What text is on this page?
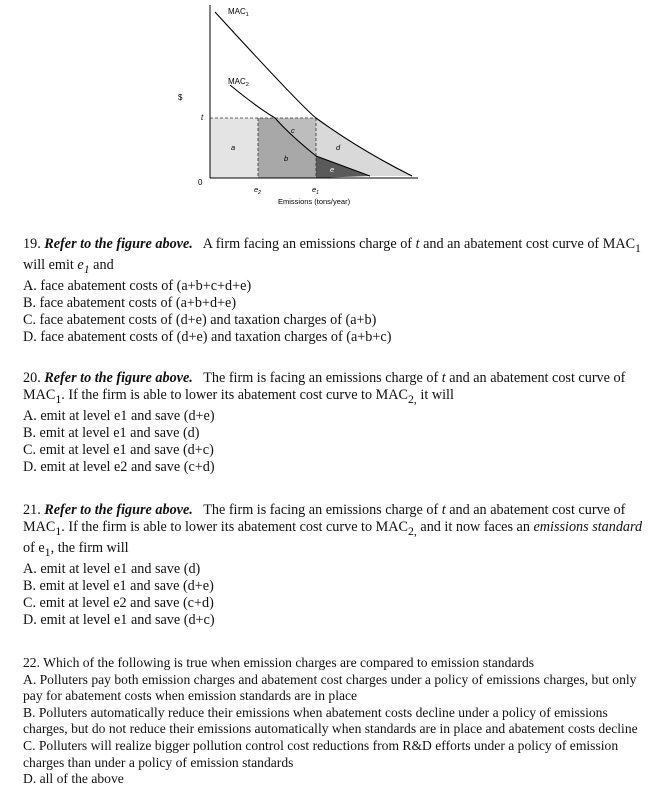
$MAC_1$
$MAC_2$
$
t
0
$e_2$	$e_1$
Emissions (tons/year)
a
b
c
d
e

19. Refer to the figure above. A firm facing an emissions charge of t and an abatement cost curve of $MAC_1$ will emit $e_1$ and

A. face abatement costs of (a+b+c+d+e)

B. face abatement costs of (a+b+d+e)

C. face abatement costs of (d+e) and taxation charges of (a+b)

D. face abatement costs of (d+e) and taxation charges of (a+b+c)

20. Refer to the figure above. The firm is facing an emissions charge of t and an abatement cost curve of $MAC_1$. If the firm is able to lower its abatement cost curve to $MAC_{2,}$ it will

A. emit at level e1 and save (d+e)

B. emit at level e1 and save (d)

C. emit at level e1 and save (d+c)

D. emit at level e2 and save (c+d)

21. Refer to the figure above. The firm is facing an emissions charge of t and an abatement cost curve of $MAC_1$. If the firm is able to lower its abatement cost curve to $MAC_{2,}$ and it now faces an emissions standard of $e_1$, the firm will

A. emit at level e1 and save (d)

B. emit at level e1 and save (d+e)

C. emit at level e2 and save (c+d)

D. emit at level e1 and save (d+c)

22. Which of the following is true when emission charges are compared to emission standards

A. Polluters pay both emission charges and abatement cost charges under a policy of emissions charges, but only pay for abatement costs when emission standards are in place

B. Polluters automatically reduce their emissions when abatement costs decline under a policy of emissions charges, but do not reduce their emissions automatically when standards are in place and abatement costs decline

C. Polluters will realize bigger pollution control cost reductions from R&D efforts under a policy of emission charges than under a policy of emission standards

D. all of the above
